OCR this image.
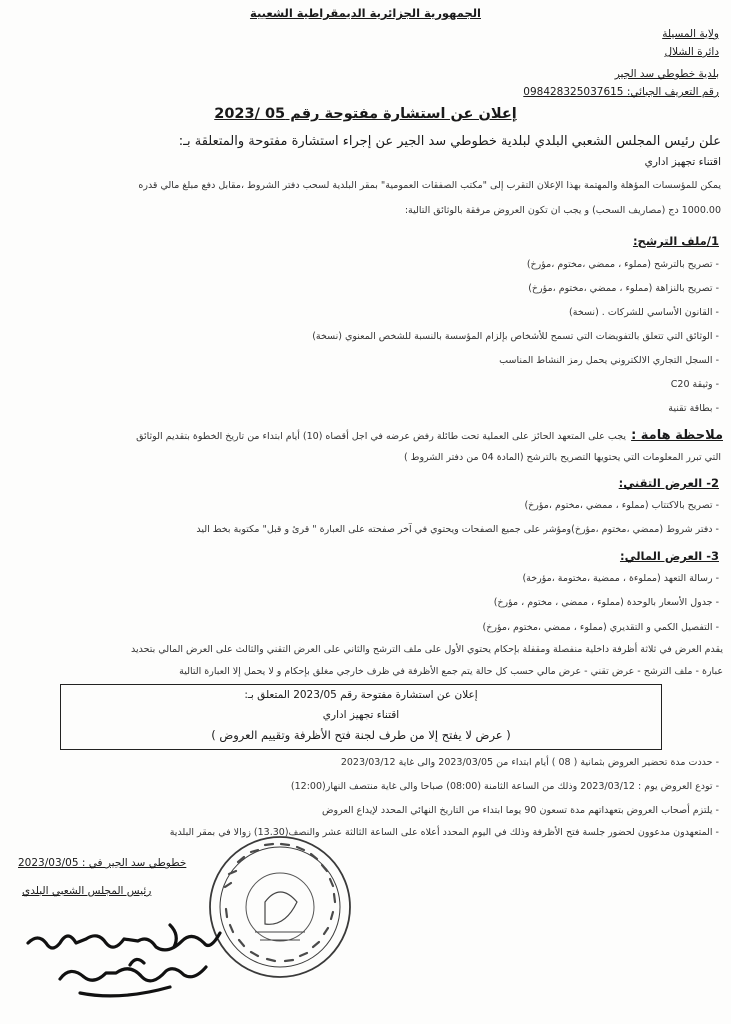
الجمهورية الجزائرية الديمقراطية الشعبية
ولاية المسيلة
دائرة الشلال
بلدية خطوطي سد الجير
رقم التعريف الجبائي: 098428325037615
إعلان عن استشارة مفتوحة رقم 05 /2023
علن رئيس المجلس الشعبي البلدي لبلدية خطوطي سد الجير عن إجراء استشارة مفتوحة والمتعلقة بـ:
اقتناء تجهيز اداري
يمكن للمؤسسات المؤهلة والمهتمة بهذا الإعلان التقرب إلى "مكتب الصفقات العمومية" بمقر البلدية لسحب دفتر الشروط ،مقابل دفع مبلغ مالي قدره
1000.00 دج (مصاريف السحب) و يجب ان تكون العروض مرفقة بالوثائق التالية:
1/ملف الترشح:
- تصريح بالترشح (مملوء ، ممضي ،مختوم ،مؤرخ)
- تصريح بالنزاهة (مملوء ، ممضي ،مختوم ،مؤرخ)
- القانون الأساسي للشركات . (نسخة)
- الوثائق التي تتعلق بالتفويضات التي تسمح للأشخاص بإلزام المؤسسة بالنسبة للشخص المعنوي (نسخة)
- السجل التجاري الالكتروني يحمل رمز النشاط المناسب
- وثيقة C20
- بطاقة تقنية
ملاحظة هامة : يجب على المتعهد الحائز على العملية تحت طائلة رفض عرضه في اجل أقصاه (10) أيام ابتداء من تاريخ الخطوة بتقديم الوثائق
التي تبرر المعلومات التي يحتويها التصريح بالترشح (المادة 04 من دفتر الشروط )
2- العرض التقني:
- تصريح بالاكتتاب (مملوء ، ممضي ،مختوم ،مؤرخ)
- دفتر شروط (ممضي ،مختوم ،مؤرخ)ومؤشر على جميع الصفحات ويحتوي في آخر صفحته على العبارة " قرئ و قبل" مكتوبة بخط اليد
3- العرض المالي:
- رسالة التعهد (مملوءة ، ممضية ،مختومة ،مؤرخة)
- جدول الأسعار بالوحدة (مملوء ، ممضي ، مختوم ، مؤرخ)
- التفصيل الكمي و التقديري (مملوء ، ممضي ،مختوم ،مؤرخ)
يقدم العرض في ثلاثة أظرفة داخلية منفصلة ومقفلة بإحكام يحتوي الأول على ملف الترشح والثاني على العرض التقني والثالث على العرض المالي بتحديد
عبارة - ملف الترشح - عرض تقني - عرض مالي حسب كل حالة يتم جمع الأظرفة في ظرف خارجي مغلق بإحكام و لا يحمل إلا العبارة التالية
إعلان عن استشارة مفتوحة رقم 2023/05 المتعلق بـ:
اقتناء تجهيز اداري
( عرض لا يفتح إلا من طرف لجنة فتح الأظرفة وتقييم العروض )
- حددت مدة تحضير العروض بثمانية ( 08 ) أيام ابتداء من 2023/03/05 والى غاية 2023/03/12
- تودع العروض يوم : 2023/03/12 وذلك من الساعة الثامنة (08:00) صباحا والى غاية منتصف النهار(12:00)
- يلتزم أصحاب العروض بتعهداتهم مدة تسعون 90 يوما ابتداء من التاريخ النهائي المحدد لإيداع العروض
- المتعهدون مدعوون لحضور جلسة فتح الأظرفة وذلك في اليوم المحدد أعلاه على الساعة الثالثة عشر والنصف(13.30) زوالا في بمقر البلدية
خطوطي سد الجير في : 2023/03/05
رئيس المجلس الشعبي البلدي
